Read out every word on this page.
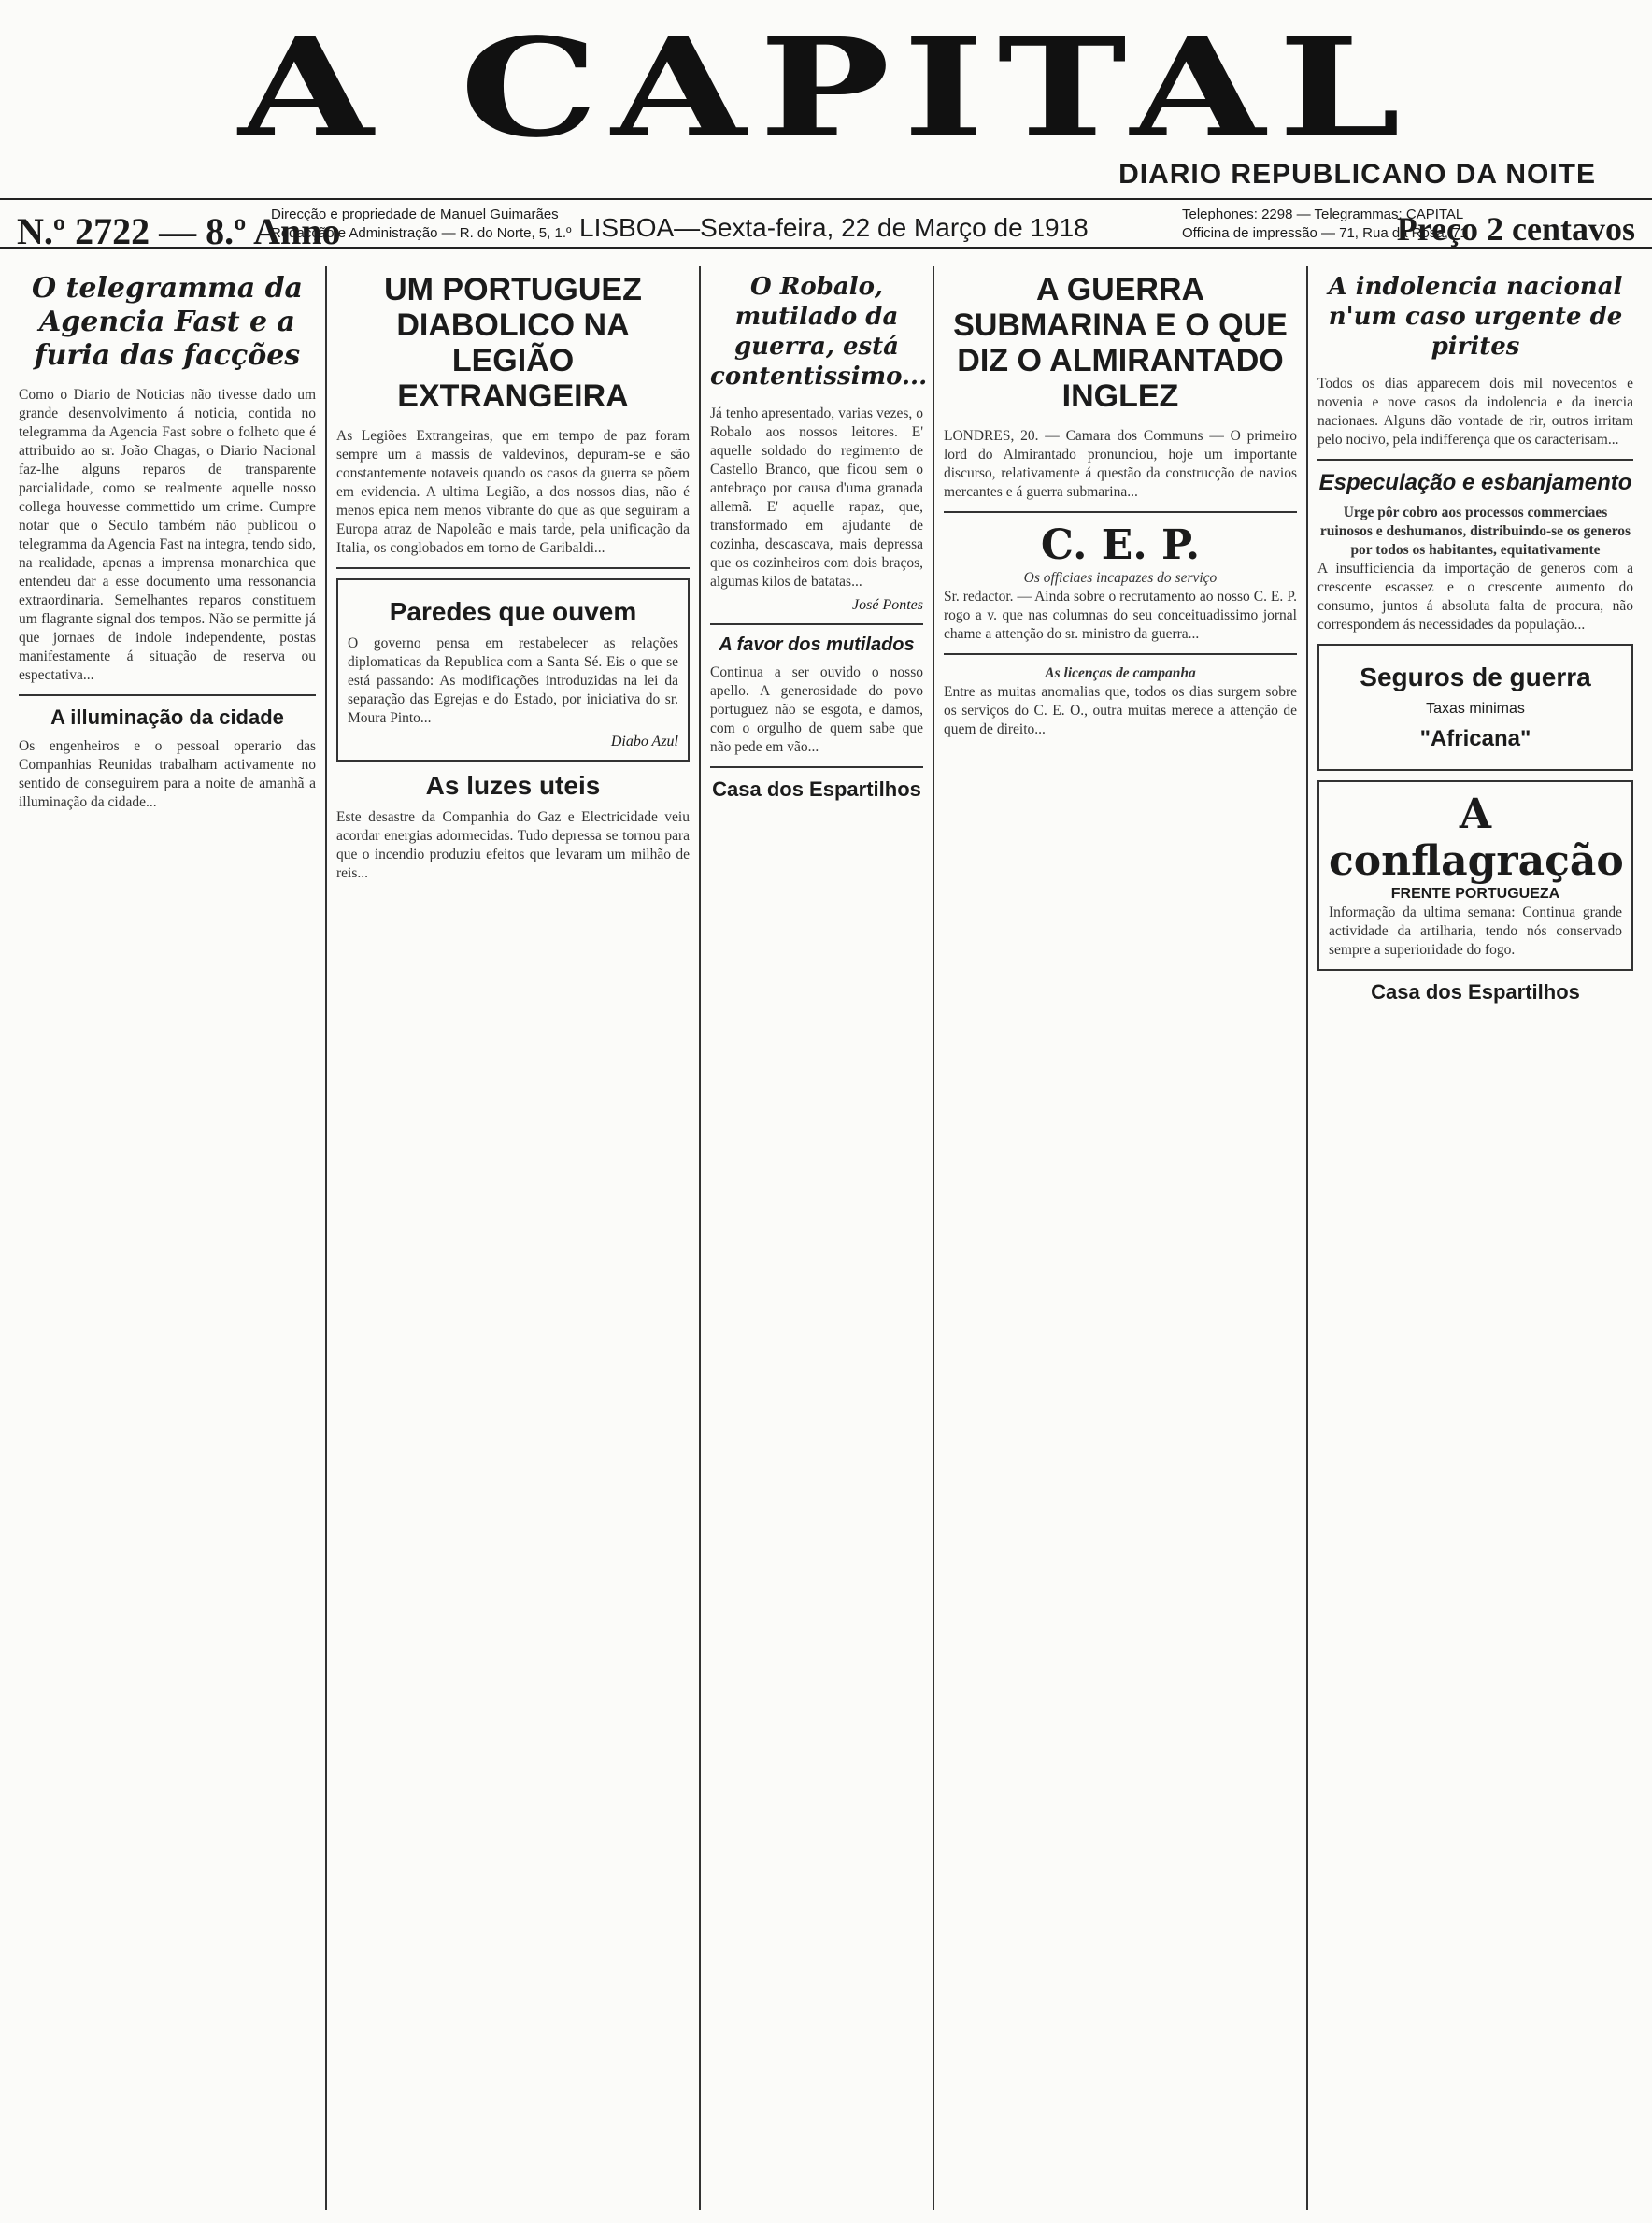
A CAPITAL
DIARIO REPUBLICANO DA NOITE
N.º 2722 — 8.º Anno
Direcção e propriedade de Manuel Guimarães
Redacção e Administração — R. do Norte, 5, 1.º LISBOA—Sexta-feira, 22 de Março de 1918	Telephones: 2298 — Telegrammas: CAPITAL
Officina de impressão — 71, Rua da Rosa, 71
Preço 2 centavos
O telegramma da Agencia Fast e a furia das facções
Como o Diario de Noticias não tivesse dado um grande desenvolvimento á noticia, contida no telegramma da Agencia Fast sobre o folheto que é attribuido ao sr. João Chagas, o Diario Nacional faz-lhe alguns reparos de transparente parcialidade, como se realmente aquelle nosso collega houvesse commettido um crime. Cumpre notar que o Seculo também não publicou o telegramma da Agencia Fast na integra, tendo sido, na realidade, apenas a imprensa monarchica que entendeu dar a esse documento uma ressonancia extraordinaria. Semelhantes reparos constituem um flagrante signal dos tempos. Não se permitte já que jornaes de indole independente, postas manifestamente á situação de reserva ou espectativa...
A illuminação da cidade
Os engenheiros e o pessoal operario das Companhias Reunidas trabalham activamente no sentido de conseguirem para a noite de amanhã a illuminação da cidade...
UM PORTUGUEZ DIABOLICO NA LEGIÃO EXTRANGEIRA
As Legiões Extrangeiras, que em tempo de paz foram sempre um a massis de valdevinos, depuram-se e são constantemente notaveis quando os casos da guerra se põem em evidencia. A ultima Legião, a dos nossos dias, não é menos epica nem menos vibrante do que as que seguiram a Europa atraz de Napoleão e mais tarde, pela unificação da Italia, os conglobados em torno de Garibaldi...
Paredes que ouvem
O governo pensa em restabelecer as relações diplomaticas da Republica com a Santa Sé. Eis o que se está passando: As modificações introduzidas na lei da separação das Egrejas e do Estado, por iniciativa do sr. Moura Pinto...
Diabo Azul
As luzes uteis
Este desastre da Companhia do Gaz e Electricidade veiu acordar energias adormecidas. Tudo depressa se tornou para que o incendio produziu efeitos que levaram um milhão de reis...
O Robalo, mutilado da guerra, está contentissimo...
Já tenho apresentado, varias vezes, o Robalo aos nossos leitores. E' aquelle soldado do regimento de Castello Branco, que ficou sem o antebraço por causa d'uma granada allemã. E' aquelle rapaz, que, transformado em ajudante de cozinha, descascava, mais depressa que os cozinheiros com dois braços, algumas kilos de batatas...
José Pontes
A favor dos mutilados
Continua a ser ouvido o nosso apello. A generosidade do povo portuguez não se esgota, e damos, com o orgulho de quem sabe que não pede em vão...
Casa dos Espartilhos
A GUERRA SUBMARINA E O QUE DIZ O ALMIRANTADO INGLEZ
LONDRES, 20. — Camara dos Communs — O primeiro lord do Almirantado pronunciou, hoje um importante discurso, relativamente á questão da construcção de navios mercantes e á guerra submarina...
C. E. P.
Os officiaes incapazes do serviço
Sr. redactor. — Ainda sobre o recrutamento ao nosso C. E. P. rogo a v. que nas columnas do seu conceituadissimo jornal chame a attenção do sr. ministro da guerra...
As licenças de campanha
Entre as muitas anomalias que, todos os dias surgem sobre os serviços do C. E. O., outra muitas merece a attenção de quem de direito...
A indolencia nacional n'um caso urgente de pirites
Todos os dias apparecem dois mil novecentos e novenia e nove casos da indolencia e da inercia nacionaes. Alguns dão vontade de rir, outros irritam pelo nocivo, pela indifferença que os caracterisam...
Especulação e esbanjamento
Urge pôr cobro aos processos commerciaes ruinosos e deshumanos, distribuindo-se os generos por todos os habitantes, equitativamente
A insufficiencia da importação de generos com a crescente escassez e o crescente aumento do consumo, juntos á absoluta falta de procura, não correspondem ás necessidades da população...
Seguros de guerra
Taxas minimas
"Africana"
A conflagração
FRENTE PORTUGUEZA
Informação da ultima semana: Continua grande actividade da artilharia, tendo nós conservado sempre a superioridade do fogo.
Casa dos Espartilhos
